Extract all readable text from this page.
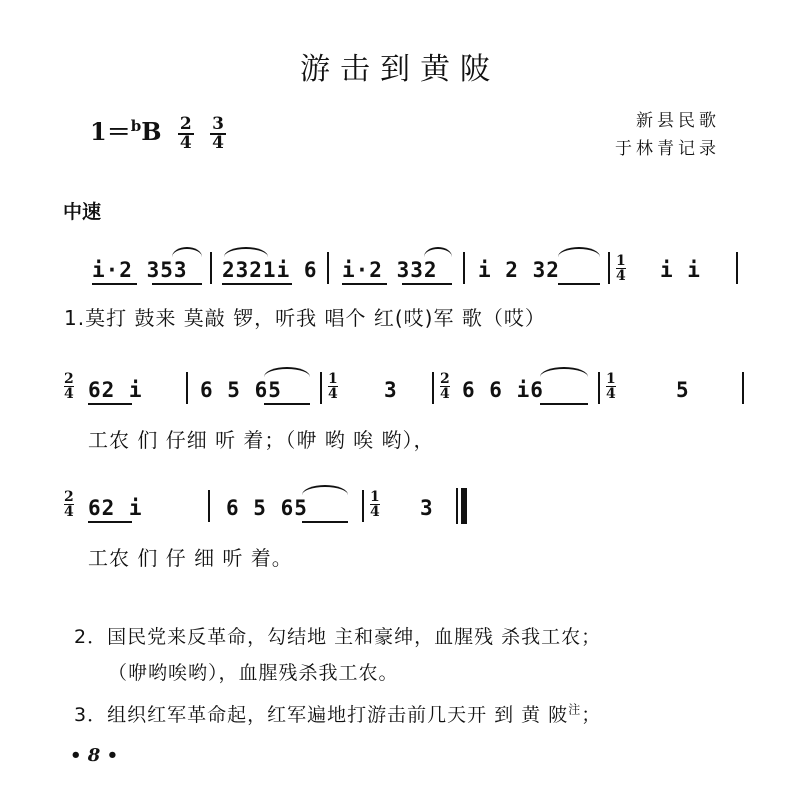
游击到黄陂
$1=^bB \frac{2}{4}$
$\frac{3}{4}$	新县民歌
于林青记录
中速
i·2 353 2321i 6 i·2 332 i 2 32	1
4 i i
1.莫打 鼓来 莫敲 锣，听我 唱个 红(哎)军 歌（哎）
2
4 62 i	6 5 65	1
4 3	2
4 6 6 i6	1
4	5
工农 们 仔细 听 着；（咿 哟 唉 哟），
2
4 62 i	6 5 65	1
4 3
工农 们 仔 细 听 着。
2．国民党来反革命，勾结地 主和豪绅，血腥残 杀我工农；
（咿哟唉哟），血腥残杀我工农。
3．组织红军革命起，红军遍地打游击前几天开 到 黄 陂$^注$；
• 8 •
